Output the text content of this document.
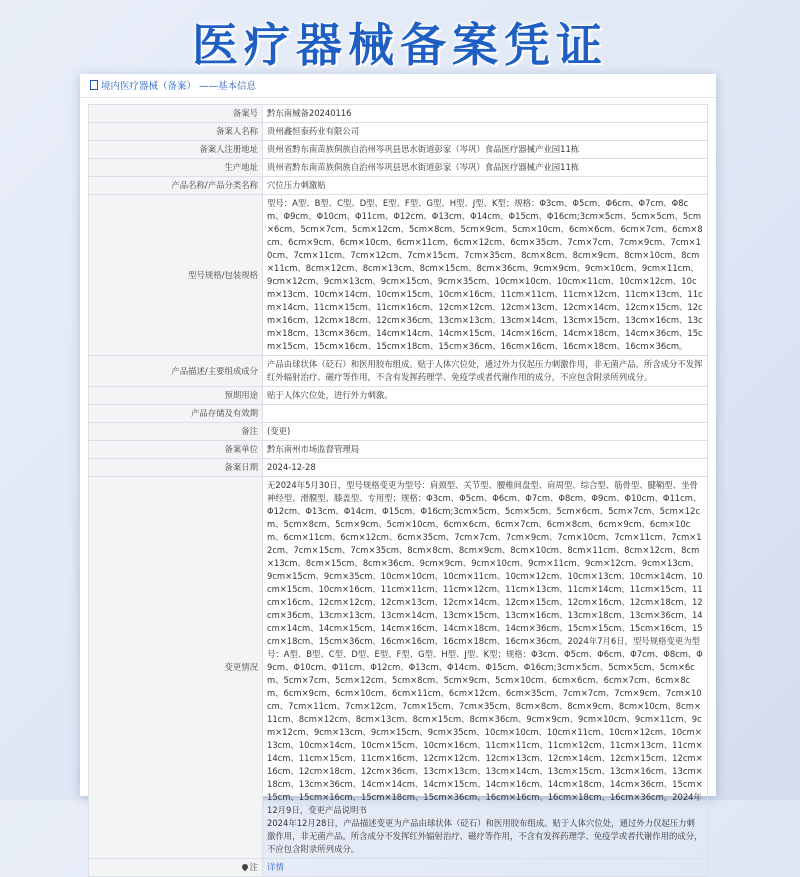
医疗器械备案凭证
境内医疗器械（备案） ——基本信息
备案号	黔东南械备20240116
备案人名称	贵州鑫恒泰药业有限公司
备案人注册地址	贵州省黔东南苗族侗族自治州岑巩县思水街道彭家（岑巩）食品医疗器械产业园11栋
生产地址	贵州省黔东南苗族侗族自治州岑巩县思水街道彭家（岑巩）食品医疗器械产业园11栋
产品名称/产品分类名称	穴位压力刺激贴
型号规格/包装规格	型号：A型、B型、C型、D型、E型、F型、G型、H型、J型、K型；规格：Φ3cm、Φ5cm、Φ6cm、Φ7cm、Φ8cm、Φ9cm、Φ10cm、Φ11cm、Φ12cm、Φ13cm、Φ14cm、Φ15cm、Φ16cm;3cm×5cm、5cm×5cm、5cm×6cm、5cm×7cm、5cm×12cm、5cm×8cm、5cm×9cm、5cm×10cm、6cm×6cm、6cm×7cm、6cm×8cm、6cm×9cm、6cm×10cm、6cm×11cm、6cm×12cm、6cm×35cm、7cm×7cm、7cm×9cm、7cm×10cm、7cm×11cm、7cm×12cm、7cm×15cm、7cm×35cm、8cm×8cm、8cm×9cm、8cm×10cm、8cm×11cm、8cm×12cm、8cm×13cm、8cm×15cm、8cm×36cm、9cm×9cm、9cm×10cm、9cm×11cm、9cm×12cm、9cm×13cm、9cm×15cm、9cm×35cm、10cm×10cm、10cm×11cm、10cm×12cm、10cm×13cm、10cm×14cm、10cm×15cm、10cm×16cm、11cm×11cm、11cm×12cm、11cm×13cm、11cm×14cm、11cm×15cm、11cm×16cm、12cm×12cm、12cm×13cm、12cm×14cm、12cm×15cm、12cm×16cm、12cm×18cm、12cm×36cm、13cm×13cm、13cm×14cm、13cm×15cm、13cm×16cm、13cm×18cm、13cm×36cm、14cm×14cm、14cm×15cm、14cm×16cm、14cm×18cm、14cm×36cm、15cm×15cm、15cm×16cm、15cm×18cm、15cm×36cm、16cm×16cm、16cm×18cm、16cm×36cm。
产品描述/主要组成成分	产品由球状体（砭石）和医用胶布组成。贴于人体穴位处，通过外力仅起压力刺激作用，非无菌产品。所含成分不发挥红外辐射治疗、磁疗等作用，不含有发挥药理学、免疫学或者代谢作用的成分，不应包含附录所列成分。
预期用途	贴于人体穴位处，进行外力刺激。
产品存储及有效期	
备注	(变更)
备案单位	黔东南州市场监督管理局
备案日期	2024-12-28
变更情况	无2024年5月30日，型号规格变更为型号：肩颈型、关节型、腰椎间盘型、肩周型、综合型、筋骨型、腱鞘型、坐骨神经型、滑膜型、膝盖型、专用型；规格：Φ3cm、Φ5cm、Φ6cm、Φ7cm、Φ8cm、Φ9cm、Φ10cm、Φ11cm、Φ12cm、Φ13cm、Φ14cm、Φ15cm、Φ16cm;3cm×5cm、5cm×5cm、5cm×6cm、5cm×7cm、5cm×12cm、5cm×8cm、5cm×9cm、5cm×10cm、6cm×6cm、6cm×7cm、6cm×8cm、6cm×9cm、6cm×10cm、6cm×11cm、6cm×12cm、6cm×35cm、7cm×7cm、7cm×9cm、7cm×10cm、7cm×11cm、7cm×12cm、7cm×15cm、7cm×35cm、8cm×8cm、8cm×9cm、8cm×10cm、8cm×11cm、8cm×12cm、8cm×13cm、8cm×15cm、8cm×36cm、9cm×9cm、9cm×10cm、9cm×11cm、9cm×12cm、9cm×13cm、9cm×15cm、9cm×35cm、10cm×10cm、10cm×11cm、10cm×12cm、10cm×13cm、10cm×14cm、10cm×15cm、10cm×16cm、11cm×11cm、11cm×12cm、11cm×13cm、11cm×14cm、11cm×15cm、11cm×16cm、12cm×12cm、12cm×13cm、12cm×14cm、12cm×15cm、12cm×16cm、12cm×18cm、12cm×36cm、13cm×13cm、13cm×14cm、13cm×15cm、13cm×16cm、13cm×18cm、13cm×36cm、14cm×14cm、14cm×15cm、14cm×16cm、14cm×18cm、14cm×36cm、15cm×15cm、15cm×16cm、15cm×18cm、15cm×36cm、16cm×16cm、16cm×18cm、16cm×36cm。2024年7月6日，型号规格变更为型号：A型、B型、C型、D型、E型、F型、G型、H型、J型、K型；规格：Φ3cm、Φ5cm、Φ6cm、Φ7cm、Φ8cm、Φ9cm、Φ10cm、Φ11cm、Φ12cm、Φ13cm、Φ14cm、Φ15cm、Φ16cm;3cm×5cm、5cm×5cm、5cm×6cm、5cm×7cm、5cm×12cm、5cm×8cm、5cm×9cm、5cm×10cm、6cm×6cm、6cm×7cm、6cm×8cm、6cm×9cm、6cm×10cm、6cm×11cm、6cm×12cm、6cm×35cm、7cm×7cm、7cm×9cm、7cm×10cm、7cm×11cm、7cm×12cm、7cm×15cm、7cm×35cm、8cm×8cm、8cm×9cm、8cm×10cm、8cm×11cm、8cm×12cm、8cm×13cm、8cm×15cm、8cm×36cm、9cm×9cm、9cm×10cm、9cm×11cm、9cm×12cm、9cm×13cm、9cm×15cm、9cm×35cm、10cm×10cm、10cm×11cm、10cm×12cm、10cm×13cm、10cm×14cm、10cm×15cm、10cm×16cm、11cm×11cm、11cm×12cm、11cm×13cm、11cm×14cm、11cm×15cm、11cm×16cm、12cm×12cm、12cm×13cm、12cm×14cm、12cm×15cm、12cm×16cm、12cm×18cm、12cm×36cm、13cm×13cm、13cm×14cm、13cm×15cm、13cm×16cm、13cm×18cm、13cm×36cm、14cm×14cm、14cm×15cm、14cm×16cm、14cm×18cm、14cm×36cm、15cm×15cm、15cm×16cm、15cm×18cm、15cm×36cm、16cm×16cm、16cm×18cm、16cm×36cm。2024年12月9日，变更产品说明书
2024年12月28日，产品描述变更为产品由球状体（砭石）和医用胶布组成。贴于人体穴位处，通过外力仅起压力刺激作用，非无菌产品。所含成分不发挥红外辐射治疗、磁疗等作用，不含有发挥药理学、免疫学或者代谢作用的成分，不应包含附录所列成分。
注	详情
